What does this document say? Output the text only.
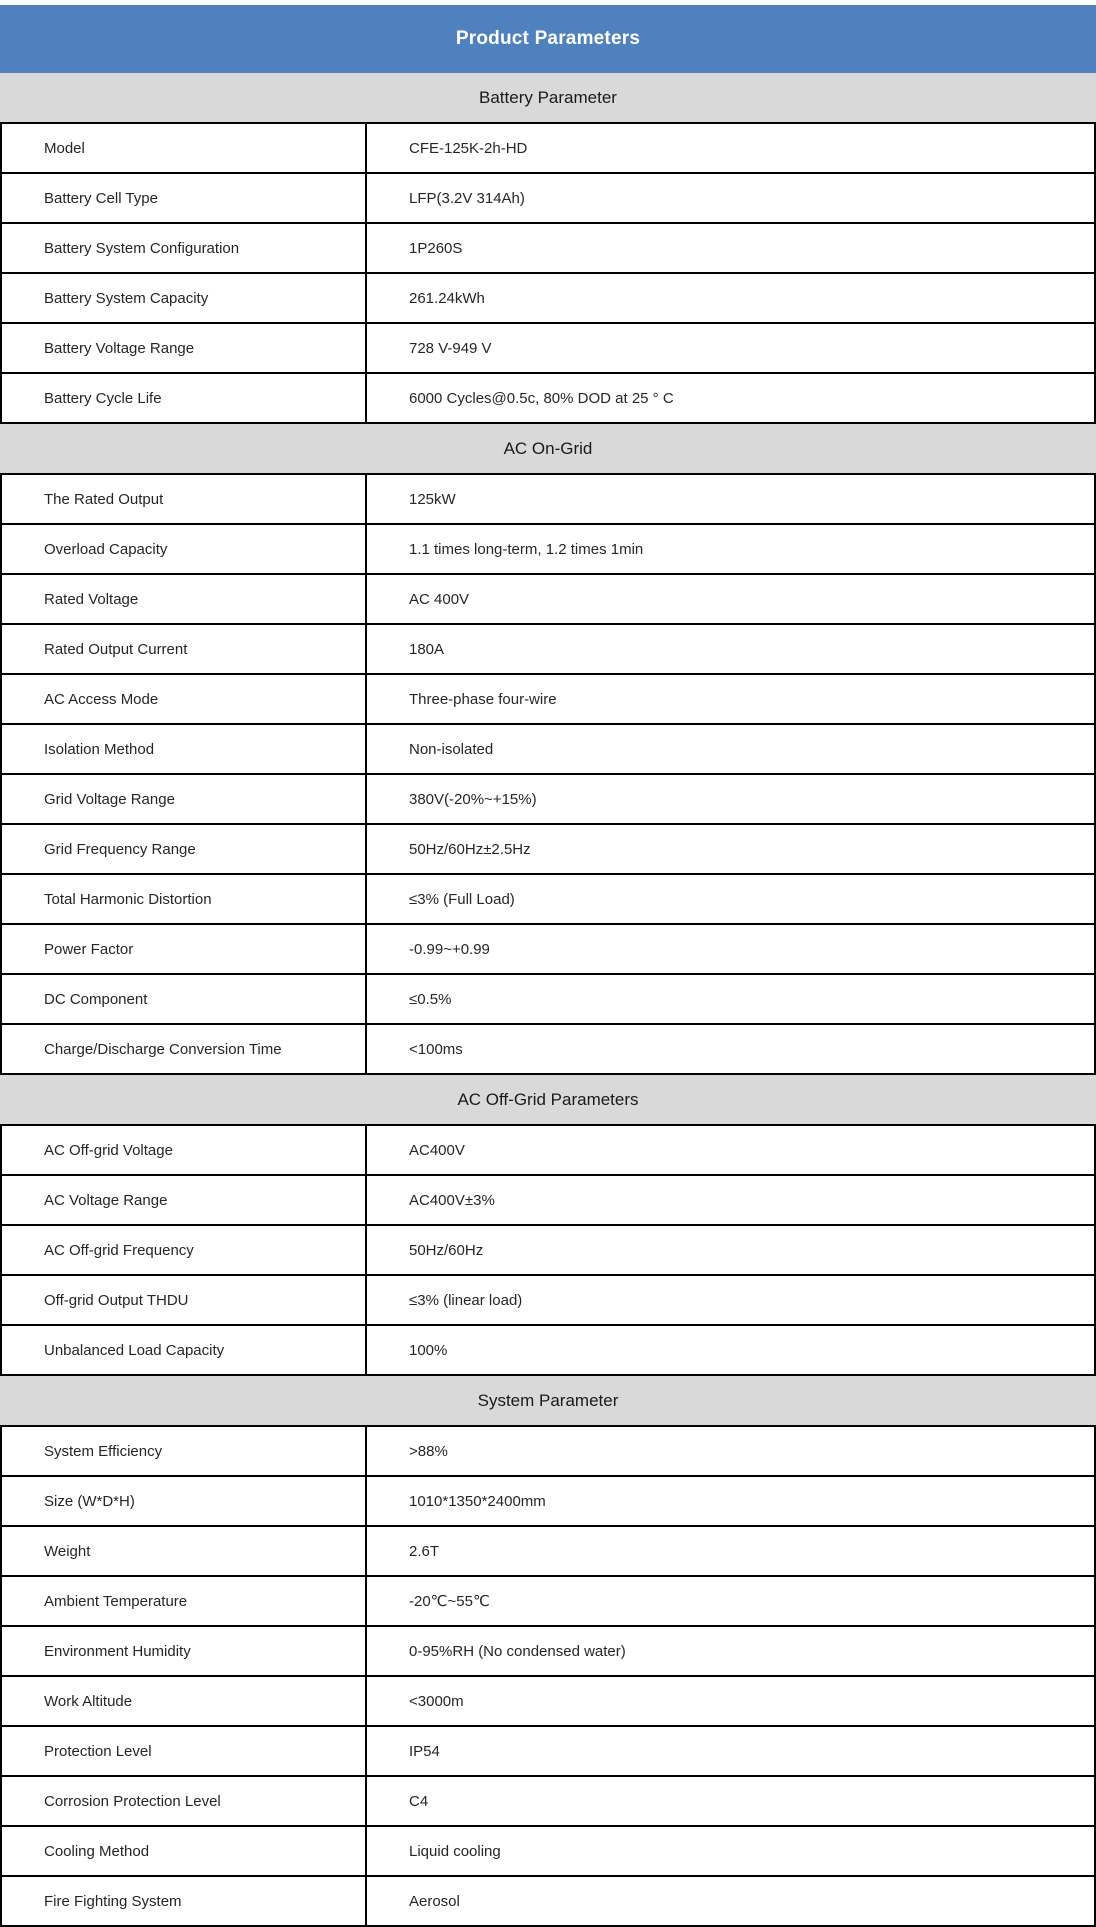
Product Parameters
Battery Parameter
Model	CFE-125K-2h-HD
Battery Cell Type	LFP(3.2V 314Ah)
Battery System Configuration	1P260S
Battery System Capacity	261.24kWh
Battery Voltage Range	728 V-949 V
Battery Cycle Life	6000 Cycles@0.5c, 80% DOD at 25 ° C
AC On-Grid
The Rated Output	125kW
Overload Capacity	1.1 times long-term, 1.2 times 1min
Rated Voltage	AC 400V
Rated Output Current	180A
AC Access Mode	Three-phase four-wire
Isolation Method	Non-isolated
Grid Voltage Range	380V(-20%~+15%)
Grid Frequency Range	50Hz/60Hz±2.5Hz
Total Harmonic Distortion	≤3% (Full Load)
Power Factor	-0.99~+0.99
DC Component	≤0.5%
Charge/Discharge Conversion Time	<100ms
AC Off-Grid Parameters
AC Off-grid Voltage	AC400V
AC Voltage Range	AC400V±3%
AC Off-grid Frequency	50Hz/60Hz
Off-grid Output THDU	≤3% (linear load)
Unbalanced Load Capacity	100%
System Parameter
System Efficiency	>88%
Size (W*D*H)	1010*1350*2400mm
Weight	2.6T
Ambient Temperature	-20℃~55℃
Environment Humidity	0-95%RH (No condensed water)
Work Altitude	<3000m
Protection Level	IP54
Corrosion Protection Level	C4
Cooling Method	Liquid cooling
Fire Fighting System	Aerosol
